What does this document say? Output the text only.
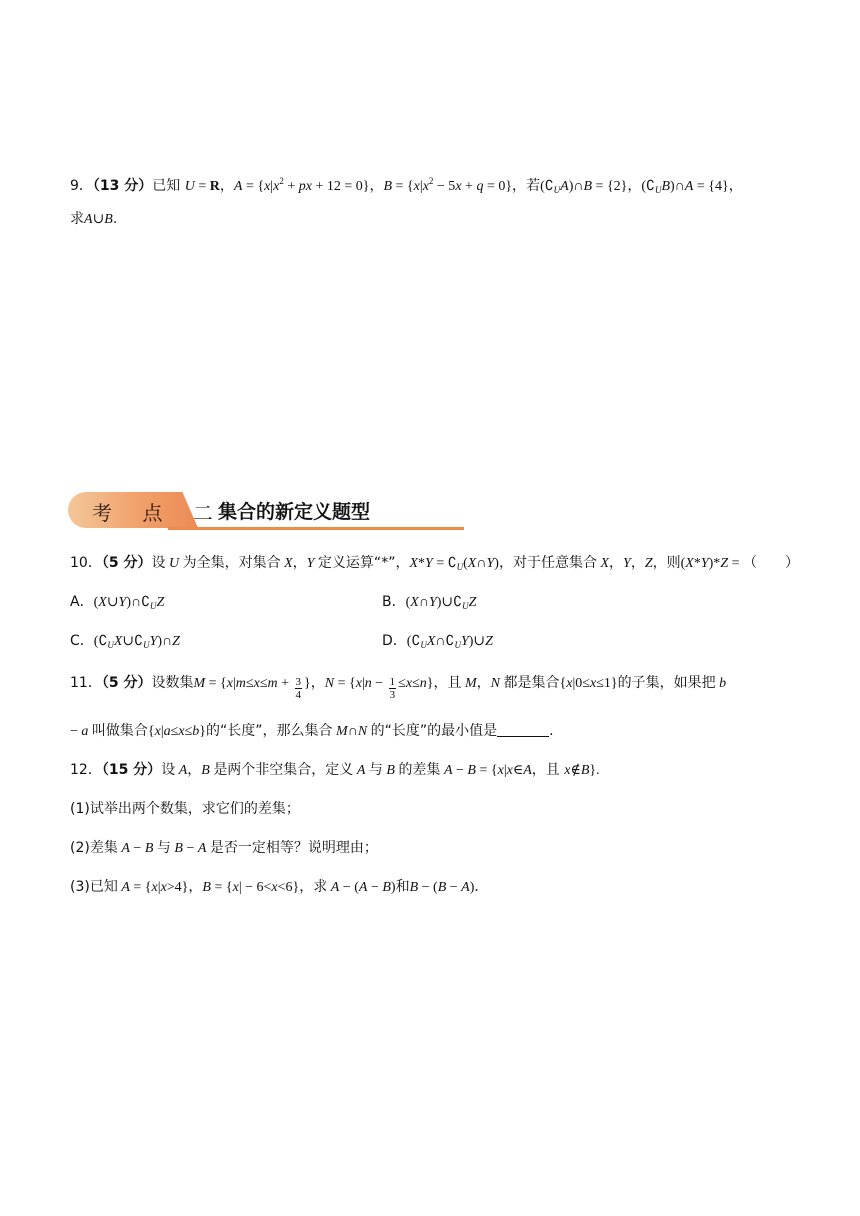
9．（13 分）已知 U = R，$A = \{x|x^2$ + px + 12 = 0}，$B = \{x|x^2 - 5x + q = 0\}$，若$(∁_UA)\cap B = \{2\}$，$(∁_UB)\cap A = \{4\}$，
求A∪B.
考 点 二
集合的新定义题型
10．（5 分）设 U 为全集，对集合 X，Y 定义运算“*”，$X*Y = ∁_U(X\cap Y)$，对于任意集合 X，Y，Z，则(X*Y)*Z = （　　）
A．$(X\cup Y)\cap∁_UZ$	B．$(X\cap Y)\cup∁_UZ$
C．$(∁_UX\cup∁_UY)\cap Z$	D．$(∁_UX\cap∁_UY)\cup Z$
11．（5 分）设数集$M = \{x|m\le x\le m + \frac{3}{4}$ }，$N = \{x|n - \frac{1}{3} \le x\le n\}$，且 M，N 都是集合{x|0≤x≤1}的子集，如果把 b
− a 叫做集合{x|a≤x≤b}的“长度”，那么集合 M∩N 的“长度”的最小值是	.
12．（15 分）设 A，B 是两个非空集合，定义 A 与 B 的差集 A − B = {x|x∈A，且 x∉B}.
(1)试举出两个数集，求它们的差集；
(2)差集 A − B 与 B − A 是否一定相等？说明理由；
(3)已知 A = {x|x>4}，B = {x| − 6<x<6}，求 A − (A − B)和B − (B − A)．
